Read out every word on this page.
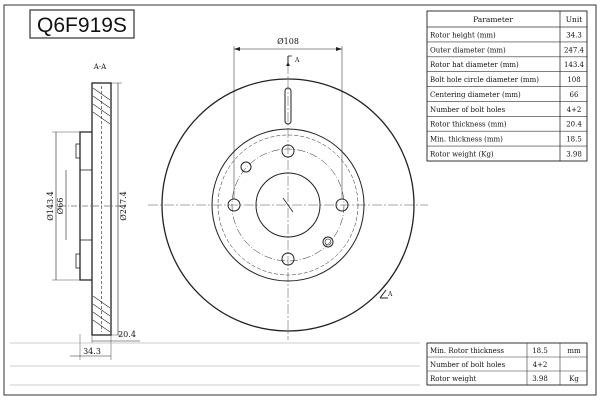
Q6F919S
A-A
Ø143.4 Ø66	Ø247.4
20.4
34.3
Ø108
A
A
Parameter	Unit
Rotor height (mm)	34.3
Outer diameter (mm)	247.4
Rotor hat diameter (mm)	143.4
Bolt hole circle diameter (mm)	108
Centering diameter (mm)	66
Number of bolt holes	4+2
Rotor thickness (mm)	20.4
Min. thickness (mm)	18.5
Rotor weight (Kg)	3.98
Min. Rotor thickness	18.5	mm
Number of bolt holes	4+2
Rotor weight	3.98	Kg
